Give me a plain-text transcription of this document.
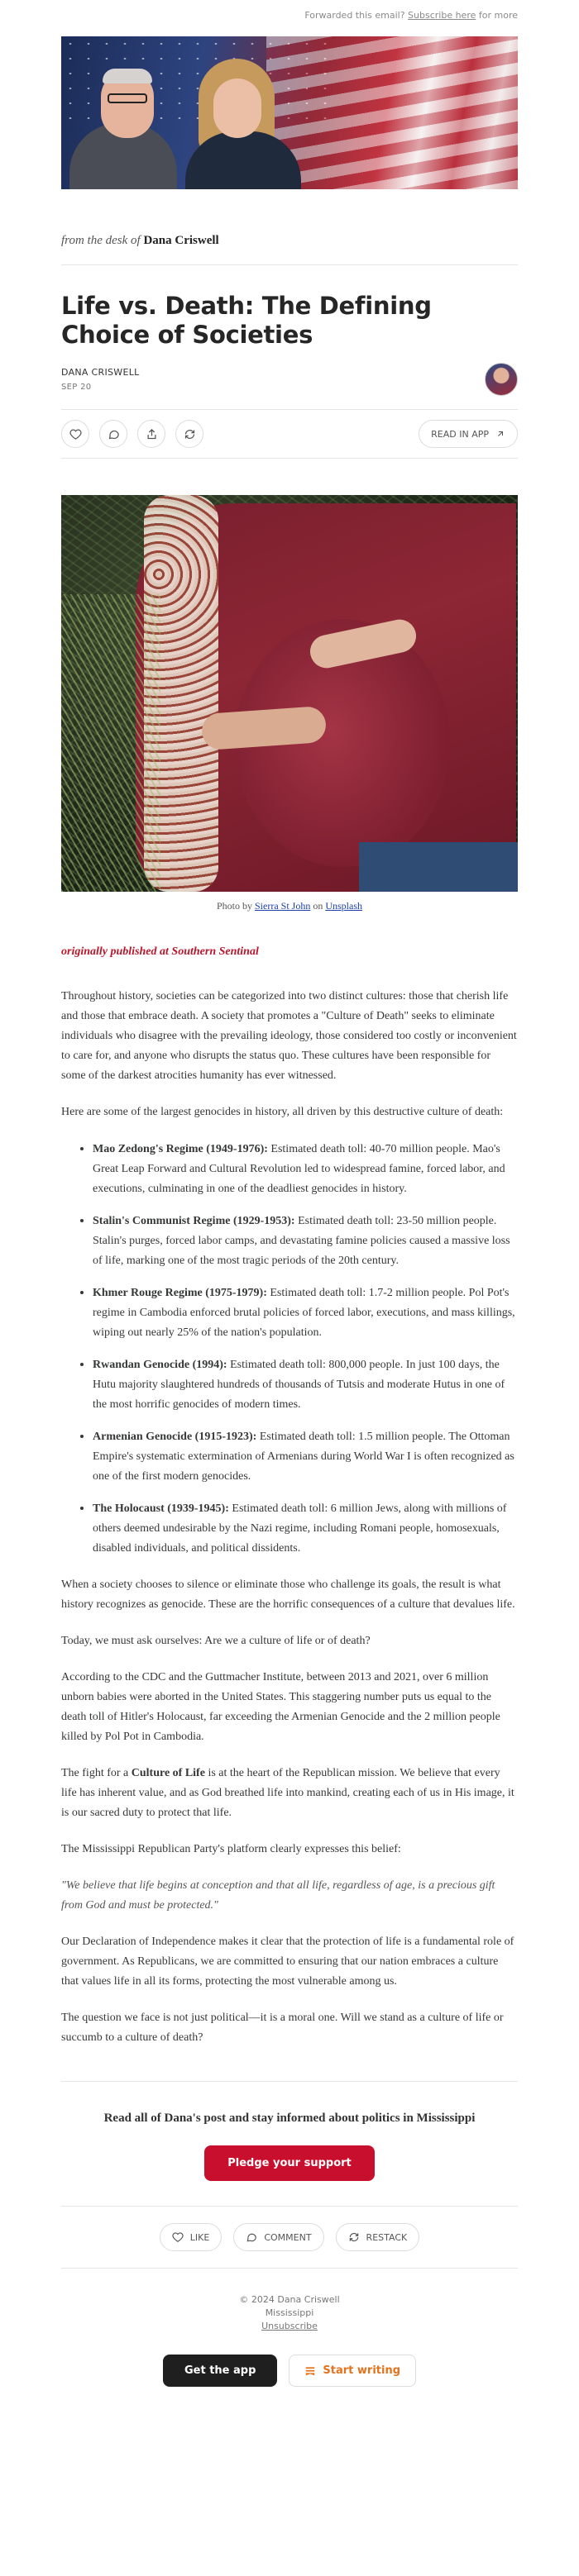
Forwarded this email? Subscribe here for more
from the desk of Dana Criswell
Life vs. Death: The Defining Choice of Societies
DANA CRISWELL
SEP 20
READ IN APP
Photo by Sierra St John on Unsplash
originally published at Southern Sentinal

Throughout history, societies can be categorized into two distinct cultures: those that cherish life and those that embrace death. A society that promotes a "Culture of Death" seeks to eliminate individuals who disagree with the prevailing ideology, those considered too costly or inconvenient to care for, and anyone who disrupts the status quo. These cultures have been responsible for some of the darkest atrocities humanity has ever witnessed.

Here are some of the largest genocides in history, all driven by this destructive culture of death:

• Mao Zedong's Regime (1949-1976): Estimated death toll: 40-70 million people. Mao's Great Leap Forward and Cultural Revolution led to widespread famine, forced labor, and executions, culminating in one of the deadliest genocides in history.
• Stalin's Communist Regime (1929-1953): Estimated death toll: 23-50 million people. Stalin's purges, forced labor camps, and devastating famine policies caused a massive loss of life, marking one of the most tragic periods of the 20th century.
• Khmer Rouge Regime (1975-1979): Estimated death toll: 1.7-2 million people. Pol Pot's regime in Cambodia enforced brutal policies of forced labor, executions, and mass killings, wiping out nearly 25% of the nation's population.
• Rwandan Genocide (1994): Estimated death toll: 800,000 people. In just 100 days, the Hutu majority slaughtered hundreds of thousands of Tutsis and moderate Hutus in one of the most horrific genocides of modern times.
• Armenian Genocide (1915-1923): Estimated death toll: 1.5 million people. The Ottoman Empire's systematic extermination of Armenians during World War I is often recognized as one of the first modern genocides.
• The Holocaust (1939-1945): Estimated death toll: 6 million Jews, along with millions of others deemed undesirable by the Nazi regime, including Romani people, homosexuals, disabled individuals, and political dissidents.

When a society chooses to silence or eliminate those who challenge its goals, the result is what history recognizes as genocide. These are the horrific consequences of a culture that devalues life.

Today, we must ask ourselves: Are we a culture of life or of death?

According to the CDC and the Guttmacher Institute, between 2013 and 2021, over 6 million unborn babies were aborted in the United States. This staggering number puts us equal to the death toll of Hitler's Holocaust, far exceeding the Armenian Genocide and the 2 million people killed by Pol Pot in Cambodia.

The fight for a Culture of Life is at the heart of the Republican mission. We believe that every life has inherent value, and as God breathed life into mankind, creating each of us in His image, it is our sacred duty to protect that life.

The Mississippi Republican Party's platform clearly expresses this belief:

"We believe that life begins at conception and that all life, regardless of age, is a precious gift from God and must be protected."

Our Declaration of Independence makes it clear that the protection of life is a fundamental role of government. As Republicans, we are committed to ensuring that our nation embraces a culture that values life in all its forms, protecting the most vulnerable among us.

The question we face is not just political—it is a moral one. Will we stand as a culture of life or succumb to a culture of death?

Read all of Dana's post and stay informed about politics in Mississippi
Pledge your support
LIKE	COMMENT	RESTACK
© 2024 Dana Criswell
Mississippi
Unsubscribe
Get the app	Start writing
